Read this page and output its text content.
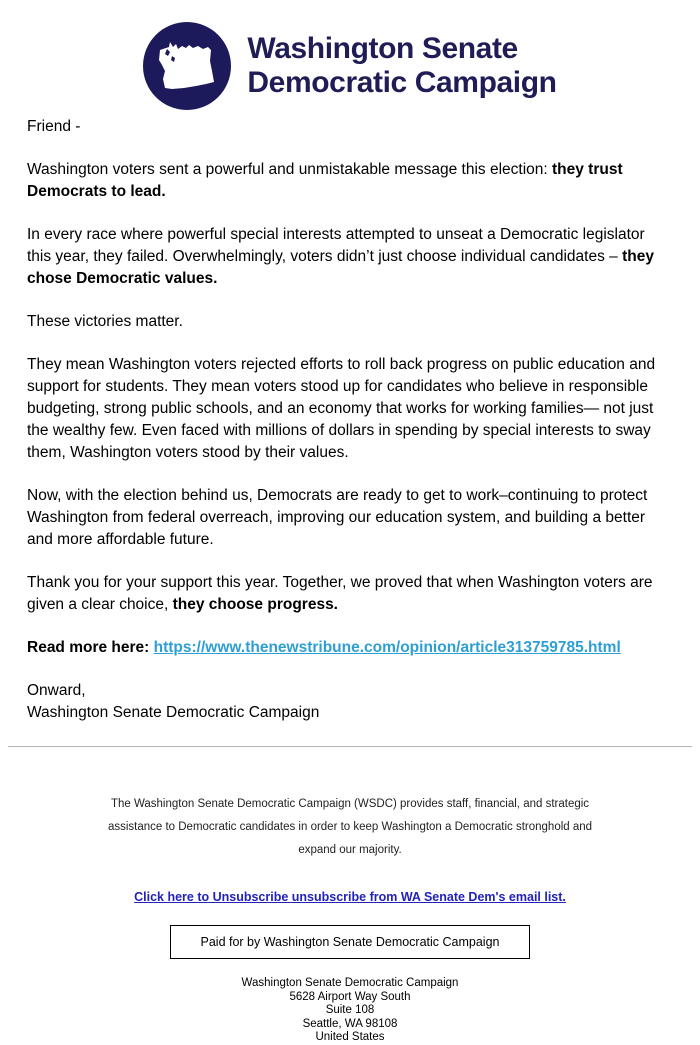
Washington Senate
Democratic Campaign

Friend -

Washington voters sent a powerful and unmistakable message this election: they trust Democrats to lead.

In every race where powerful special interests attempted to unseat a Democratic legislator this year, they failed. Overwhelmingly, voters didn’t just choose individual candidates – they chose Democratic values.

These victories matter.

They mean Washington voters rejected efforts to roll back progress on public education and support for students. They mean voters stood up for candidates who believe in responsible budgeting, strong public schools, and an economy that works for working families— not just the wealthy few. Even faced with millions of dollars in spending by special interests to sway them, Washington voters stood by their values.

Now, with the election behind us, Democrats are ready to get to work–continuing to protect Washington from federal overreach, improving our education system, and building a better and more affordable future.

Thank you for your support this year. Together, we proved that when Washington voters are given a clear choice, they choose progress.

Read more here: https://www.thenewstribune.com/opinion/article313759785.html

Onward,
Washington Senate Democratic Campaign
The Washington Senate Democratic Campaign (WSDC) provides staff, financial, and strategic assistance to Democratic candidates in order to keep Washington a Democratic stronghold and expand our majority.
Click here to Unsubscribe unsubscribe from WA Senate Dem's email list.
Paid for by Washington Senate Democratic Campaign
Washington Senate Democratic Campaign
5628 Airport Way South
Suite 108
Seattle, WA 98108
United States
